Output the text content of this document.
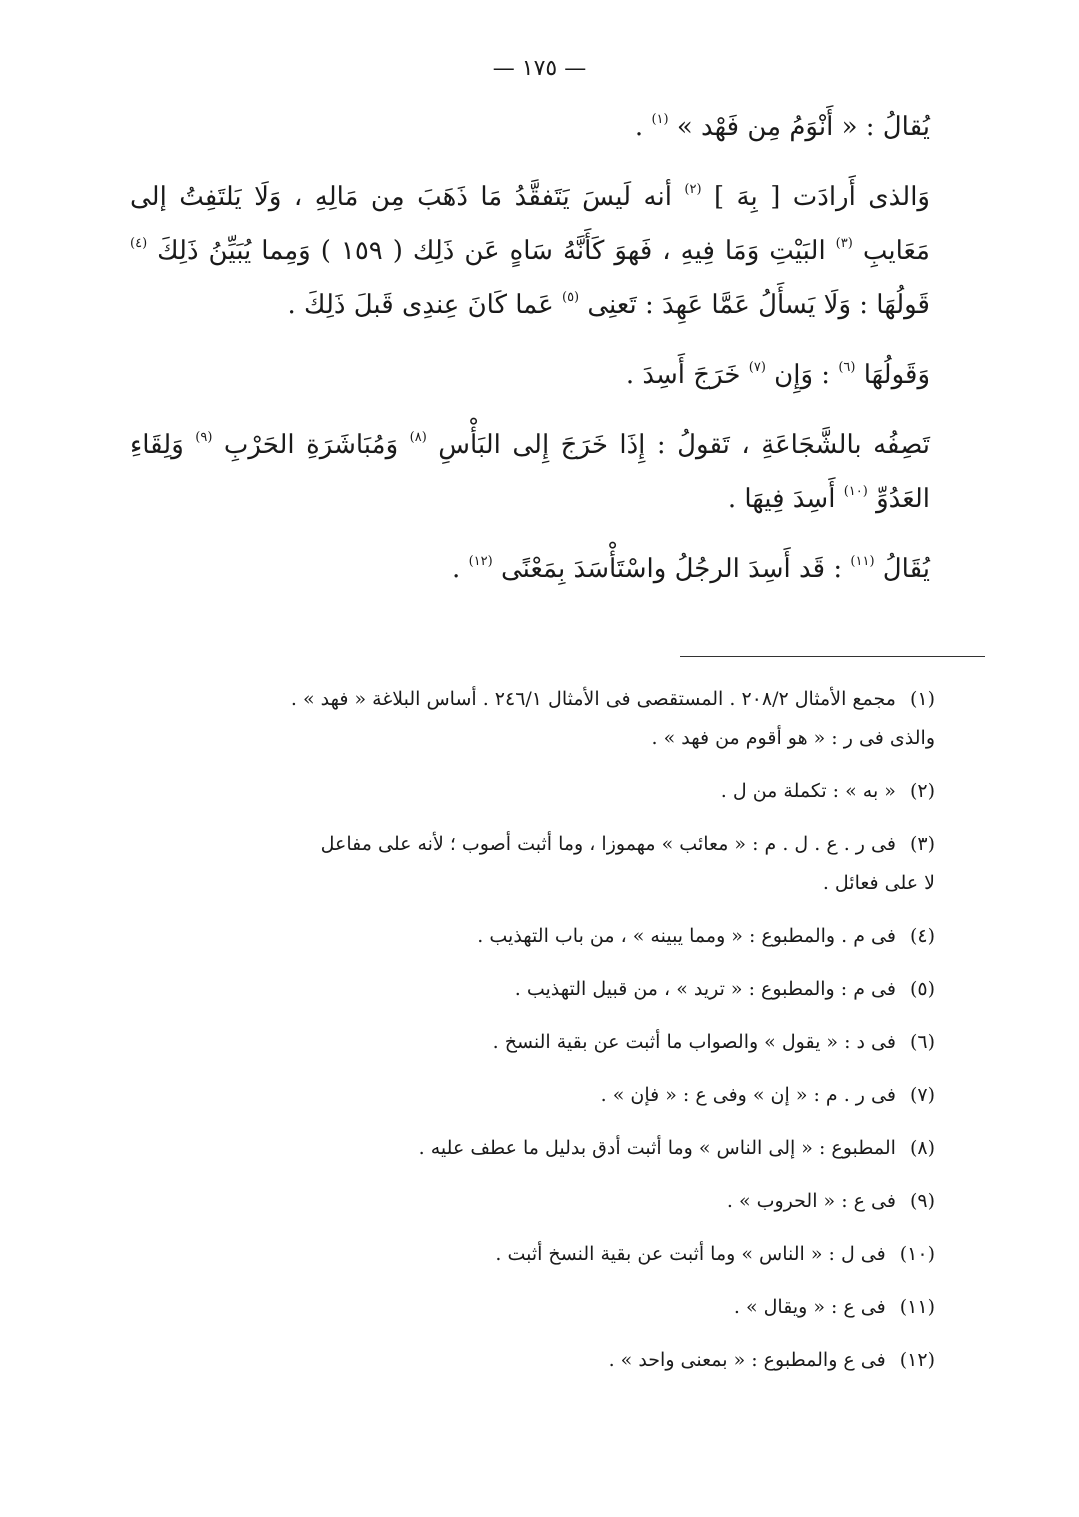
— ١٧٥ —

يُقالُ : « أَنْوَمُ مِن فَهْد » $^{(١)}$ .

وَالذى أَرادَت [ بِهَ ] $^{(٢)}$ أنه لَيسَ يَتَفقَّدُ مَا ذَهَبَ مِن مَالِهِ ، وَلَا يَلتَفِتُ إلى مَعَايبِ $^{(٣)}$ البَيْتِ وَمَا فِيهِ ، فَهوَ كَأَنَّهُ سَاهٍ عَن ذَلِك ( ١٥٩ ) وَمِما يُبَيِّنُ ذَلِكَ $^{(٤)}$ قَولُهَا : وَلَا يَسأَلُ عَمَّا عَهِدَ : تَعنِى $^{(٥)}$ عَما كَانَ عِندِى قَبلَ ذَلِكَ .

وَقَولُهَا $^{(٦)}$ : وَإِن $^{(٧)}$ خَرَجَ أَسِدَ .

تَصِفُه بالشَّجَاعَةِ ، تَقولُ : إِذَا خَرَجَ إِلى البَأْسِ $^{(٨)}$ وَمُبَاشَرَةِ الحَرْبِ $^{(٩)}$ وَلِقَاءِ العَدُوِّ $^{(١٠)}$ أَسِدَ فِيهَا .

يُقَالُ $^{(١١)}$ : قَد أَسِدَ الرجُلُ واسْتَأْسَدَ بِمَعْنًى $^{(١٢)}$ .

(١)مجمع الأمثال ٢٠٨/٢ . المستقصى فى الأمثال ٢٤٦/١ . أساس البلاغة « فهد » .
والذى فى ر : « هو أقوم من فهد » .
(٢)« به » : تكملة من ل .
(٣)فى ر . ع . ل . م : « معائب » مهموزا ، وما أثبت أصوب ؛ لأنه على مفاعل
لا على فعائل .
(٤)فى م . والمطبوع : « ومما يبينه » ، من باب التهذيب .
(٥)فى م : والمطبوع : « تريد » ، من قبيل التهذيب .
(٦)فى د : « يقول » والصواب ما أثبت عن بقية النسخ .
(٧)فى ر . م : « إن » وفى ع : « فإن » .
(٨)المطبوع : « إلى الناس » وما أثبت أدق بدليل ما عطف عليه .
(٩)فى ع : « الحروب » .
(١٠)فى ل : « الناس » وما أثبت عن بقية النسخ أثبت .
(١١)فى ع : « ويقال » .
(١٢)فى ع والمطبوع : « بمعنى واحد » .
